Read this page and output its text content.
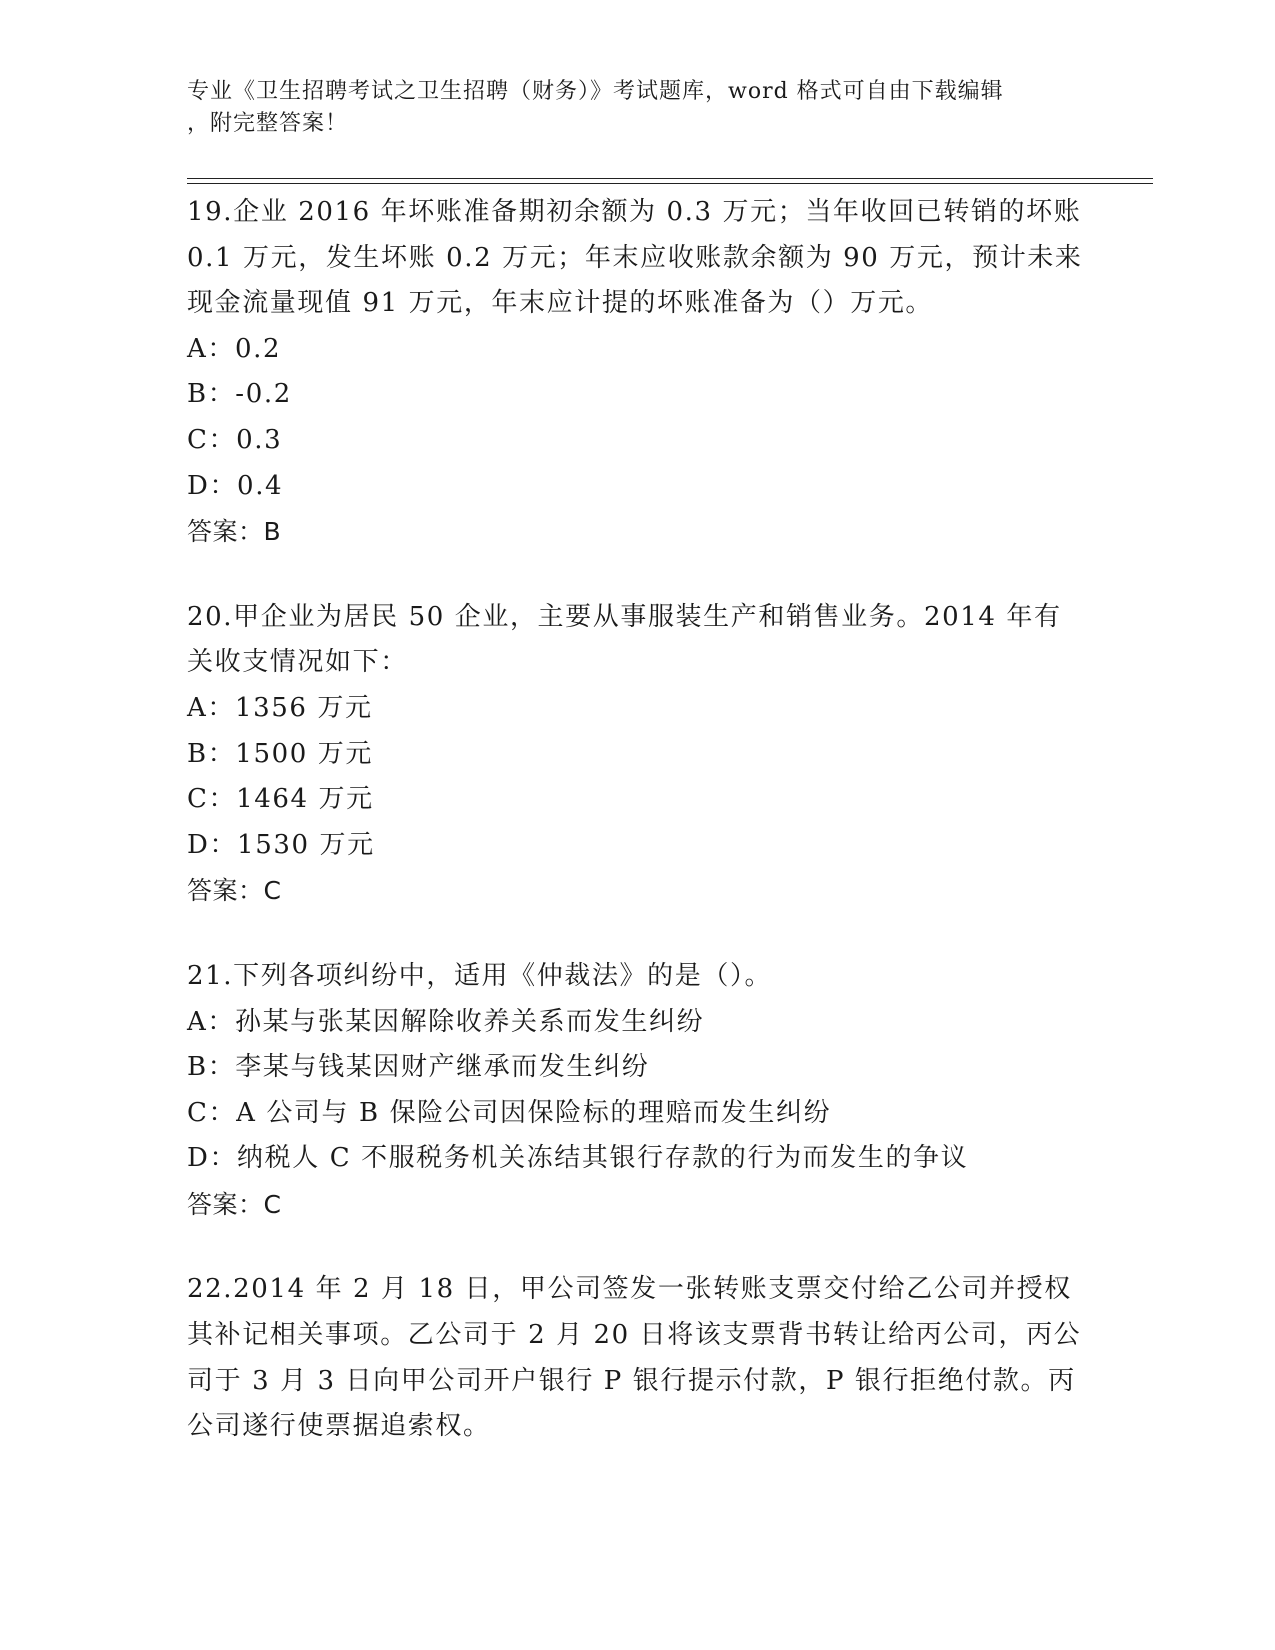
专业《卫生招聘考试之卫生招聘（财务）》考试题库，word 格式可自由下载编辑
，附完整答案！
19.企业 2016 年坏账准备期初余额为 0.3 万元；当年收回已转销的坏账 0.1 万元，发生坏账 0.2 万元；年末应收账款余额为 90 万元，预计未来现金流量现值 91 万元，年末应计提的坏账准备为（）万元。
A：0.2
B：-0.2
C：0.3
D：0.4
答案：B
20.甲企业为居民 50 企业，主要从事服装生产和销售业务。2014 年有关收支情况如下：
A：1356 万元
B：1500 万元
C：1464 万元
D：1530 万元
答案：C
21.下列各项纠纷中，适用《仲裁法》的是（）。
A：孙某与张某因解除收养关系而发生纠纷
B：李某与钱某因财产继承而发生纠纷
C：A 公司与 B 保险公司因保险标的理赔而发生纠纷
D：纳税人 C 不服税务机关冻结其银行存款的行为而发生的争议
答案：C
22.2014 年 2 月 18 日，甲公司签发一张转账支票交付给乙公司并授权其补记相关事项。乙公司于 2 月 20 日将该支票背书转让给丙公司，丙公司于 3 月 3 日向甲公司开户银行 P 银行提示付款，P 银行拒绝付款。丙公司遂行使票据追索权。
